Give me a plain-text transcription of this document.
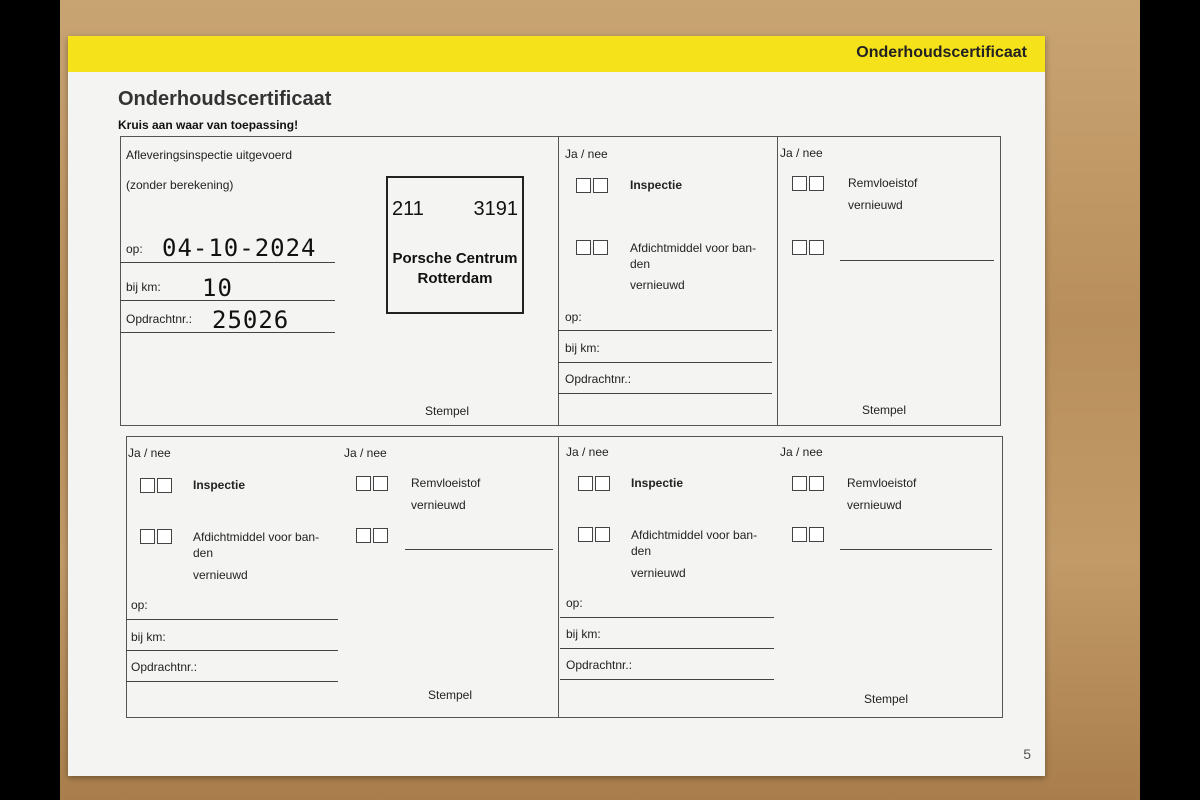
Onderhoudscertificaat
Onderhoudscertificaat
Kruis aan waar van toepassing!
Afleveringsinspectie uitgevoerd
(zonder berekening)
op: 04-10-2024
bij km: 10
Opdrachtnr.: 25026
Stempel
211 3191
Porsche Centrum
Rotterdam
Ja / nee
Inspectie
Afdichtmiddel voor ban-
den
vernieuwd
op:
bij km:
Opdrachtnr.:
Ja / nee
Remvloeistof
vernieuwd
Stempel
Ja / nee	Ja / nee
Inspectie
Afdichtmiddel voor ban-
den
vernieuwd
Remvloeistof
vernieuwd
op:
bij km:
Opdrachtnr.:
Stempel
Ja / nee	Ja / nee
Inspectie
Afdichtmiddel voor ban-
den
vernieuwd
Remvloeistof
vernieuwd
op:
bij km:
Opdrachtnr.:
Stempel
5
